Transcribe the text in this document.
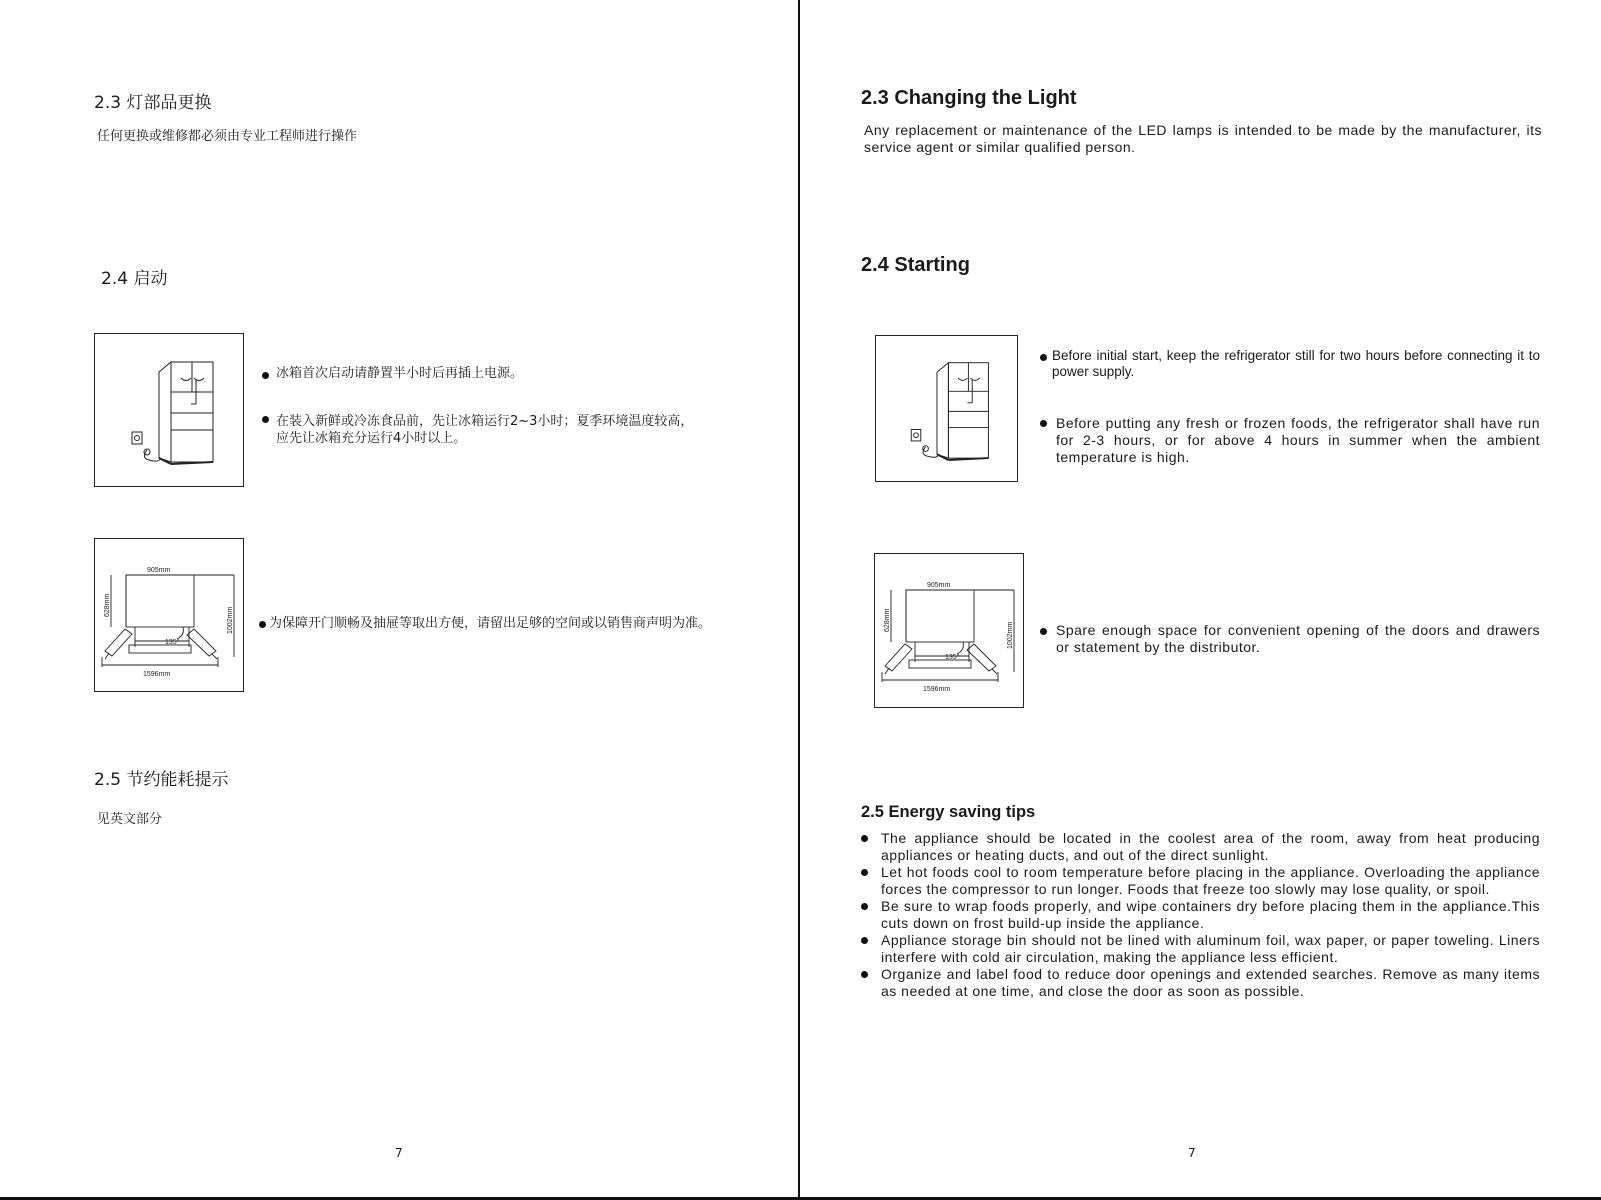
2.3 灯部品更换
任何更换或维修都必须由专业工程师进行操作
2.4 启动
冰箱首次启动请静置半小时后再插上电源。
在装入新鲜或冷冻食品前，先让冰箱运行2~3小时；夏季环境温度较高，
应先让冰箱充分运行4小时以上。
905mm
628mm
1002mm
135°
1596mm
为保障开门顺畅及抽屉等取出方便，请留出足够的空间或以销售商声明为准。
2.5 节约能耗提示
见英文部分
7
2.3 Changing the Light
Any replacement or maintenance of the LED lamps is intended to be made by the manufacturer, its service agent or similar qualified person.
2.4 Starting
Before initial start, keep the refrigerator still for two hours before connecting it to power supply.
Before putting any fresh or frozen foods, the refrigerator shall have run for 2-3 hours, or for above 4 hours in summer when the ambient temperature is high.
905mm
628mm
1002mm
135°
1596mm
Spare enough space for convenient opening of the doors and drawers or statement by the distributor.
2.5 Energy saving tips
The appliance should be located in the coolest area of the room, away from heat producing appliances or heating ducts, and out of the direct sunlight.
Let hot foods cool to room temperature before placing in the appliance. Overloading the appliance forces the compressor to run longer. Foods that freeze too slowly may lose quality, or spoil.
Be sure to wrap foods properly, and wipe containers dry before placing them in the appliance.This cuts down on frost build-up inside the appliance.
Appliance storage bin should not be lined with aluminum foil, wax paper, or paper toweling. Liners interfere with cold air circulation, making the appliance less efficient.
Organize and label food to reduce door openings and extended searches. Remove as many items as needed at one time, and close the door as soon as possible.
7
